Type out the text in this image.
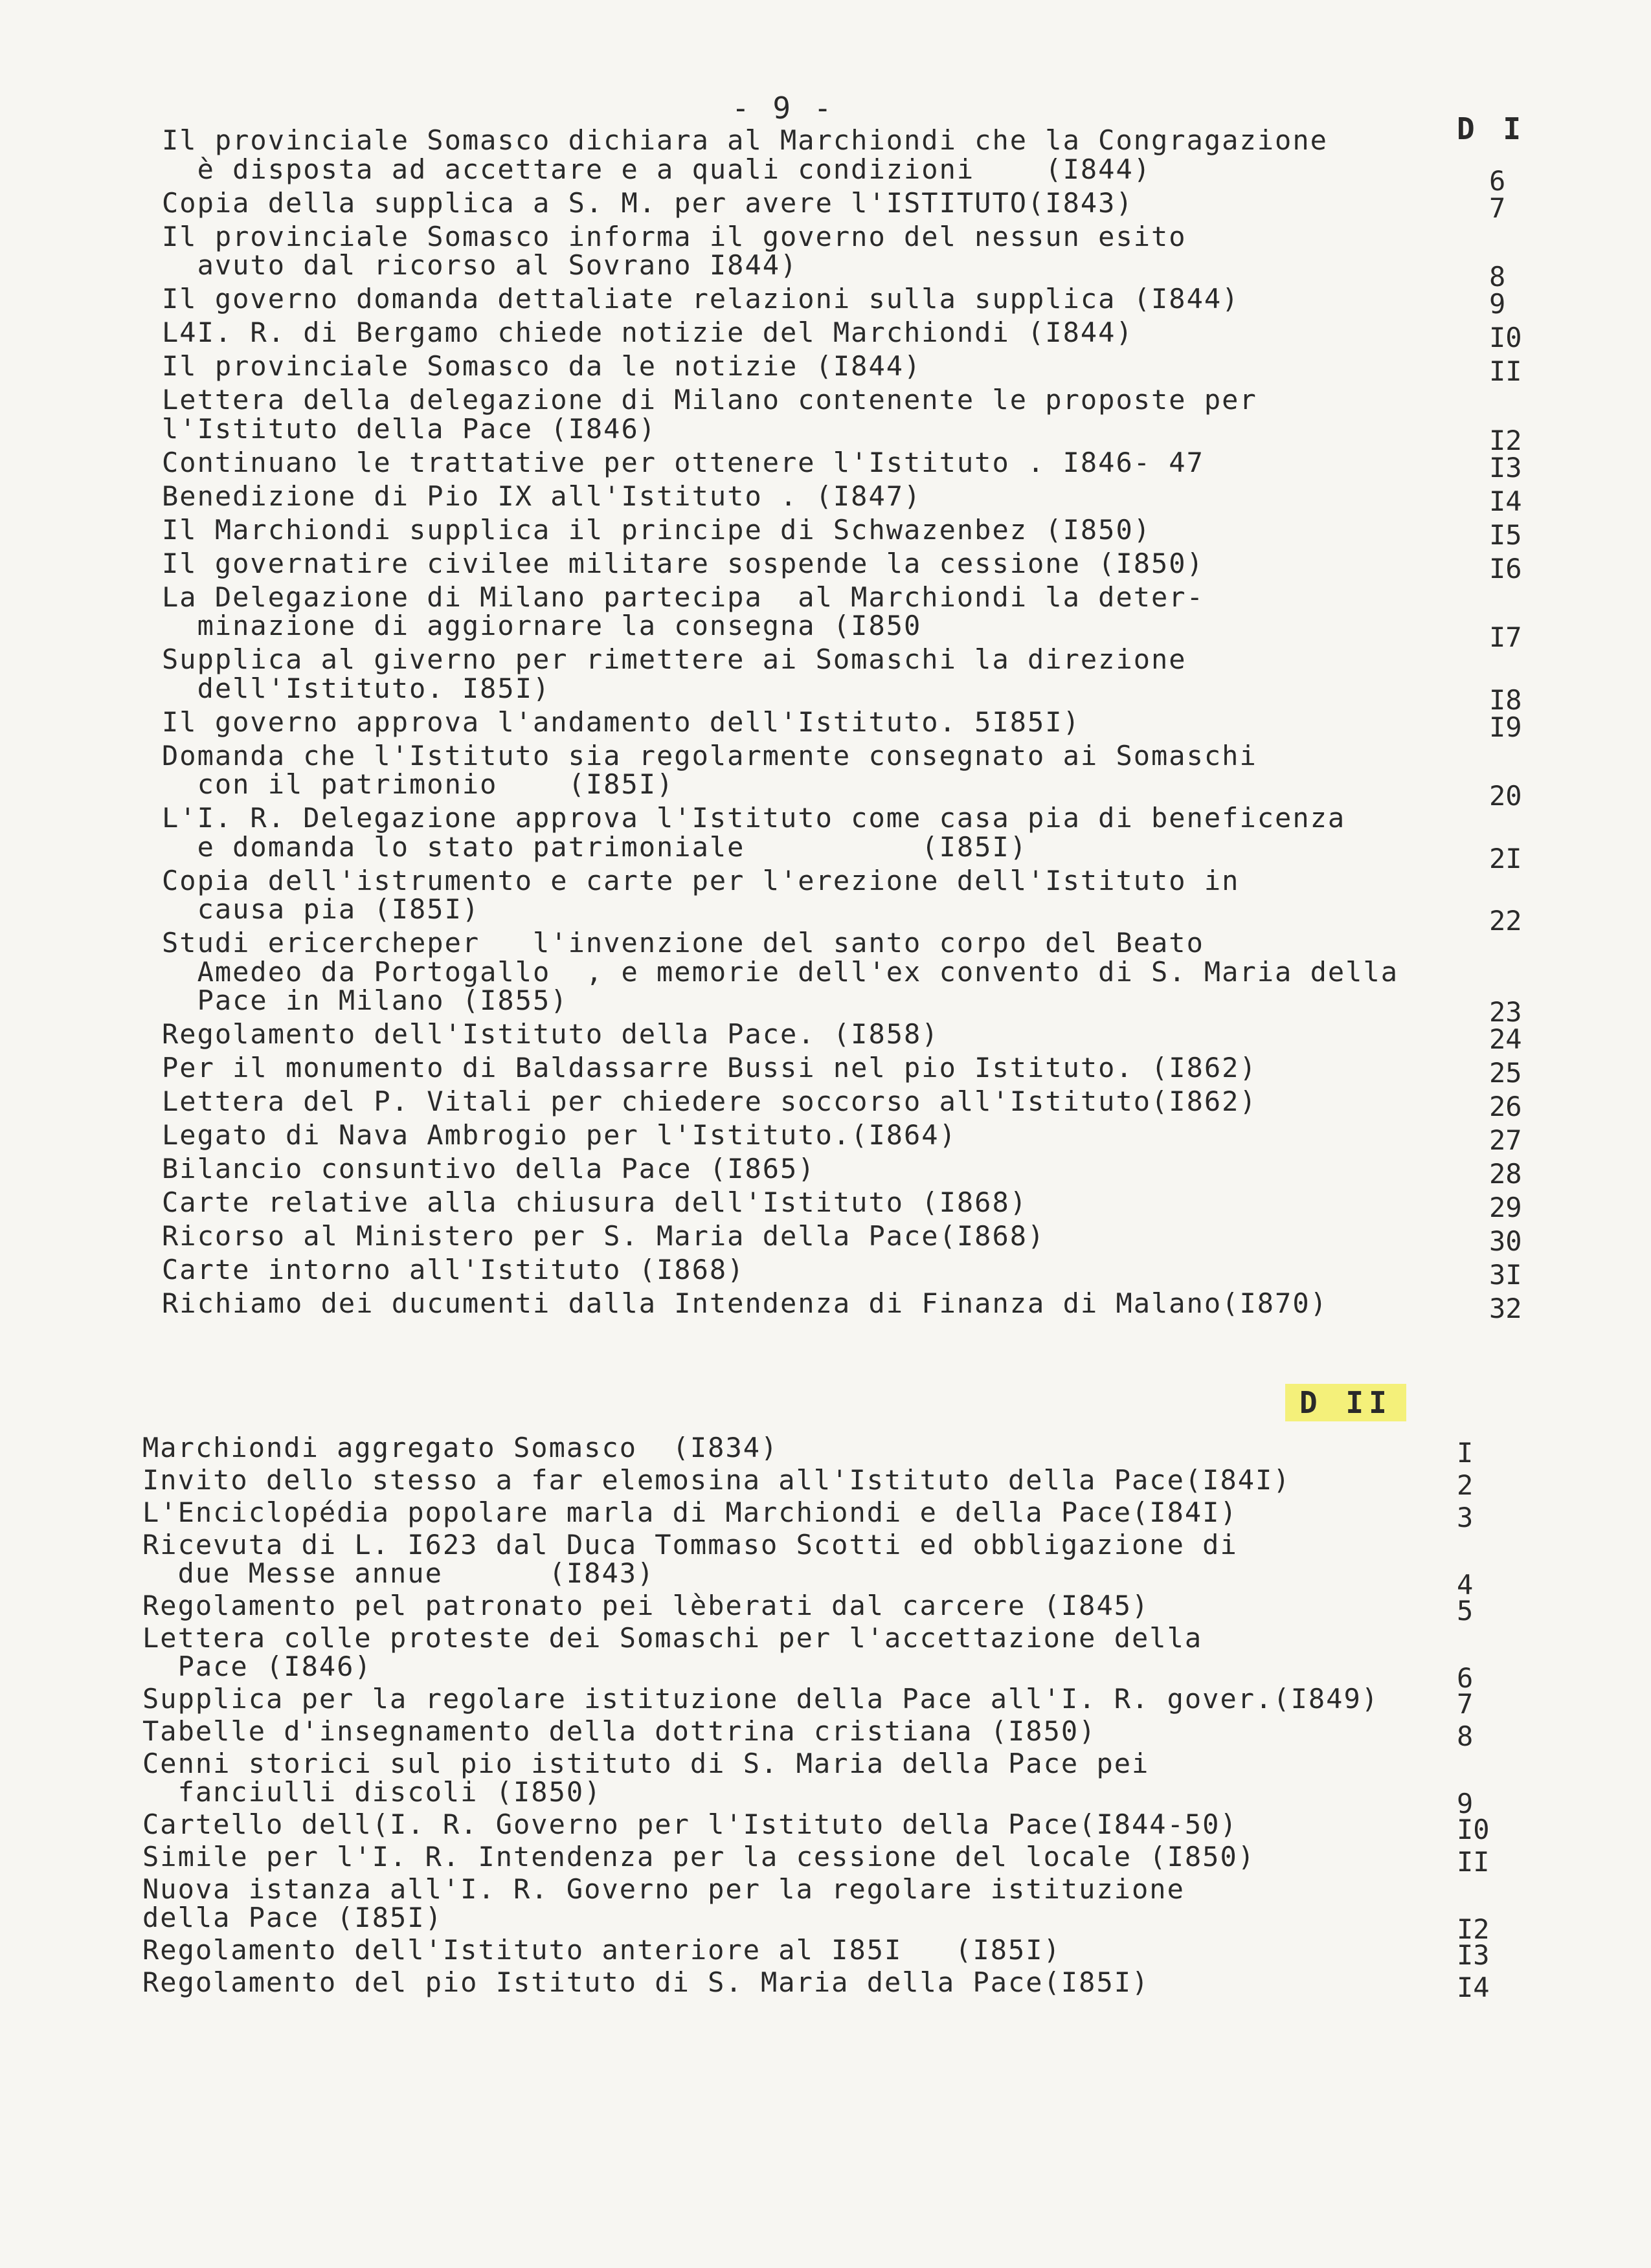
- 9 -
D I
Il provinciale Somasco dichiara al Marchiondi che la Congragazione
è disposta ad accettare e a quali condizioni    (I844)	6
Copia della supplica a S. M. per avere l'ISTITUTO(I843)	7
Il provinciale Somasco informa il governo del nessun esito
avuto dal ricorso al Sovrano I844)	8
Il governo domanda dettaliate relazioni sulla supplica (I844)	9
L4I. R. di Bergamo chiede notizie del Marchiondi (I844)	I0
Il provinciale Somasco da le notizie (I844)	II
Lettera della delegazione di Milano contenente le proposte per
l'Istituto della Pace (I846)	I2
Continuano le trattative per ottenere l'Istituto . I846- 47	I3
Benedizione di Pio IX all'Istituto . (I847)	I4
Il Marchiondi supplica il principe di Schwazenbez (I850)	I5
Il governatire civilee militare sospende la cessione (I850)	I6
La Delegazione di Milano partecipa  al Marchiondi la deter-
minazione di aggiornare la consegna (I850	I7
Supplica al giverno per rimettere ai Somaschi la direzione
dell'Istituto. I85I)	I8
Il governo approva l'andamento dell'Istituto. 5I85I)	I9
Domanda che l'Istituto sia regolarmente consegnato ai Somaschi
con il patrimonio    (I85I)	20
L'I. R. Delegazione approva l'Istituto come casa pia di beneficenza
e domanda lo stato patrimoniale          (I85I)	2I
Copia dell'istrumento e carte per l'erezione dell'Istituto in
causa pia (I85I)	22
Studi ericercheper   l'invenzione del santo corpo del Beato
Amedeo da Portogallo  , e memorie dell'ex convento di S. Maria della
Pace in Milano (I855)	23
Regolamento dell'Istituto della Pace. (I858)	24
Per il monumento di Baldassarre Bussi nel pio Istituto. (I862)	25
Lettera del P. Vitali per chiedere soccorso all'Istituto(I862)	26
Legato di Nava Ambrogio per l'Istituto.(I864)	27
Bilancio consuntivo della Pace (I865)	28
Carte relative alla chiusura dell'Istituto (I868)	29
Ricorso al Ministero per S. Maria della Pace(I868)	30
Carte intorno all'Istituto (I868)	3I
Richiamo dei ducumenti dalla Intendenza di Finanza di Malano(I870)	32
D II
Marchiondi aggregato Somasco  (I834)	I
Invito dello stesso a far elemosina all'Istituto della Pace(I84I)	2
L'Enciclopédia popolare marla di Marchiondi e della Pace(I84I)	3
Ricevuta di L. I623 dal Duca Tommaso Scotti ed obbligazione di
due Messe annue      (I843)	4
Regolamento pel patronato pei lèberati dal carcere (I845)	5
Lettera colle proteste dei Somaschi per l'accettazione della
Pace (I846)	6
Supplica per la regolare istituzione della Pace all'I. R. gover.(I849)	7
Tabelle d'insegnamento della dottrina cristiana (I850)	8
Cenni storici sul pio istituto di S. Maria della Pace pei
fanciulli discoli (I850)	9
Cartello dell(I. R. Governo per l'Istituto della Pace(I844-50)	I0
Simile per l'I. R. Intendenza per la cessione del locale (I850)	II
Nuova istanza all'I. R. Governo per la regolare istituzione
della Pace (I85I)	I2
Regolamento dell'Istituto anteriore al I85I   (I85I)	I3
Regolamento del pio Istituto di S. Maria della Pace(I85I)	I4
